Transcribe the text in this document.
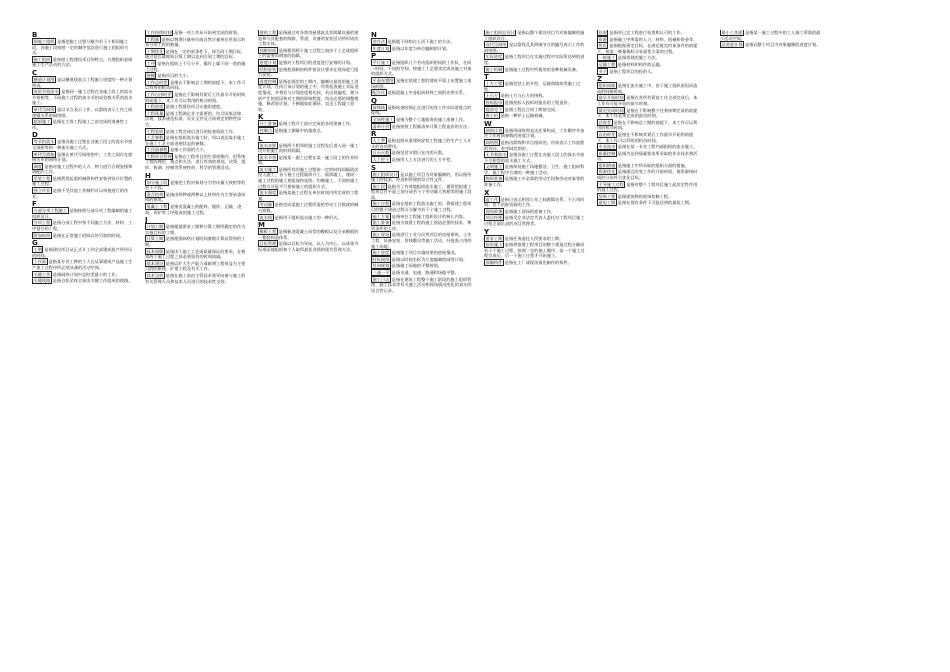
B
倒施工组织 是指把施工过程分解为若干个相同施工段，各施工段按照一定的顺序依次进行施工的组织方式。
施工组织 是按照工程建设项目的特点，合理组织安排施工生产活动的方法。
C
横道计划图 是以横道线表示工程施工进度的一种计划图表。
成倍节拍流水 是指同一施工过程在各施工段上的流水节拍相等，不同施工过程的流水节拍成倍数关系的流水施工。
单代号网络 是以节点表示工作，以箭线表示工作之间逻辑关系的网络图。
超前施工 是指在主体工程施工之前完成的准备性工作。
D
等节拍流水 是指各施工过程在各施工段上的流水节拍全部相等的一种流水施工方式。
单代号搭接 是指在单代号网络图中，工作之间存在搭接关系的网络计划。
调度 是指对施工过程中的人力、物力进行合理安排和调配的工作。
吊装工程 是指利用起重机械将构件安装到设计位置的施工过程。
独立作业 是指不受其他工作制约可以单独进行的作业。
F
分部分项工程施工 是指按照分部分项工程编制的施工组织设计。
分项工程 是指分部工程中按不同施工方法、材料、工序划分的工程。
附加时间 是指在正常施工时间以外另加的时间。
G
工期 是指建设项目从正式开工到全部建成投产所经历的时间。
工作面 是指某专业工种的工人在从事建筑产品施工生产加工过程中所必须具备的活动空间。
关键工作 是指网络计划中总时差最小的工作。
关键线路 是指自始至终全部由关键工作组成的线路。
工作持续时间 是指一项工作从开始到完成的时间。
工程量 是指以物理计量单位或自然计量单位所表示的各分项工程的数量。
工期优化 是指在一定约束条件下，按合同工期目标，通过延长或缩短计算工期以达到合同工期的目标。
工序 是指在组织上不可分开、操作上属于同一类的施工过程。
规模 是指项目的大小。
工作总时差 是指在不影响总工期的前提下，本工作可以利用的机动时间。
工作自由时差 是指在不影响其紧后工作最早开始时间的前提下，本工作可以利用的机动时间。
工程进度 是指工程建设项目实施的速度。
工程质量 是指工程满足业主需要的，符合国家法律、法规、技术规范标准、设计文件及合同规定的特性综合。
工程验收 是指工程完成后进行的检查验收工作。
工艺参数 是指在组织流水施工时，用以表达流水施工在施工工艺方面进展状态的参数。
工作面参数 是指工作面的大小。
工程项目管理 是指在工程项目的生命周期内，用系统工程的理论、观点和方法，进行有效的规划、决策、组织、协调、控制等系统性的、科学的管理活动。
H
划分施工段 是指把工程对象划分为劳动量大致相等的若干个段。
混合结构 是指由两种或两种以上材料作为主要承重结构的建筑。
混凝土工程 是指由混凝土的配料、搅拌、运输、浇筑、养护等工序组成的施工过程。
J
计划工期 是指根据要求工期和计算工期所确定的作为实施目标的工期。
计算工期 是指根据网络计划时间参数计算而得到的工期。
技术间歇 是指由于施工工艺或质量保证的要求，在相邻两个施工过程之间必须留有的时间间隔。
基本建设 是指以扩大生产能力或新增工程效益为主要目的的新建、扩建工程及有关工作。
技术交底 是指在施工前由主管技术领导向参与施工的有关管理人员和技术人员进行的技术性交待。
建筑工程 是指通过对各类房屋建筑及其附属设施的建造和与其配套的线路、管道、设备的安装活动所形成的工程实体。
间歇时间 是指相邻两个施工过程之间由于工艺或组织上的需要而增加的间歇。
进度计划 是指对工程项目的进度进行安排的计划。
结构安装 是指把预制的构件按设计要求在现场进行组合安装。
进度控制 是指在既定的工期内，编制出最优的施工进度计划，在执行该计划的施工中，经常检查施工实际进度情况，并将其与计划进度相比较，若出现偏差，便分析产生的原因和对工期的影响程度，找出必要的调整措施，修改原计划，不断地如此循环，直至工程竣工验收。
K
开工准备 是指工程开工前应完成的各项准备工作。
控制点 是指施工测量中的基准点。
L
流水步距 是指两个相邻的施工过程先后进入同一施工段开始施工的时间间隔。
流水节拍 是指某一施工过程在某一施工段上的作业时间。
流水施工 是指所有的施工过程按一定的时间间隔依次投入施工，各个施工过程陆续开工、陆续竣工，使同一施工过程的施工班组保持连续、均衡施工，不同的施工过程尽可能平行搭接施工的组织方式。
流水强度 是指某施工过程在单位时间内所完成的工程量。
劳动量 是指完成某施工过程所需的劳动工日数或机械台班数。
流水线 是指用于组织流水施工的一种形式。
M
模板工程 是指新浇混凝土成型的模板以及支承模板的一整套构造体系。
目标管理 是指以目标为导向，以人为中心，以成果为标准而使组织和个人取得最佳业绩的现代管理方法。
N
逆作法 是指地下结构自上而下施工的方法。
年度计划 是指以年度为单位编制的计划。
P
平行施工 是指组织几个劳动组织相同的工作队，在同一时间、不同的空间，按施工工艺要求完成各施工对象的组织方式。
平面布置图 是指在拟建工程的建筑平面上布置施工现场的图。
配合比 是指混凝土中各组成材料之间的比例关系。
Q
前锋线 是指检查时刻正在进行的各工作实际进度点的连线。
全场性施工 是指为整个工地服务的施工准备工作。
清单计价 是指按照工程量清单计算工程造价的方法。
R
人工费 是指直接从事建筑安装工程施工的生产工人开支的各项费用。
日历天数 是指包括节假日在内的天数。
人工挖土 是指用人工方法进行的土方开挖。
S
施工组织设计 是以施工项目为对象编制的，用以指导施工的技术、经济和管理的综合性文件。
施工段 是指为了有效地组织流水施工，通常把拟建工程项目在平面上划分成若干个劳动量大致相等的施工段落。
施工过程 是指在组织工程流水施工时，将拟建工程项目的整个建造过程可分解为若干个施工过程。
施工方案 是指单位工程施工组织设计的核心内容。
施工准备 是指为拟建工程的施工创造必要的技术、物资条件的工作。
施工现场 是指进行工业与民用项目的房屋建筑、土木工程、设备安装、管线敷设等施工活动，经批准占用的施工场地。
施工进度 是指施工项目实施结果的进展情况。
时标网络 是指以时间坐标为尺度编制的网络计划。
竖向规划 是指施工场地的平整规划。
三通一平 是指水通、电通、路通和场地平整。
施工日志 是指在建筑工程整个施工阶段的施工组织管理、施工技术等有关施工活动和现场情况变化的真实的综合性记录。
施工组织总设计 是指以整个建设项目为对象编制的施工组织设计。
双代号网络 是以箭线及其两端节点的编号表示工作的网络图。
实际进度 是指工程项目在实施过程中实际所达到的进度。
施工机械 是指施工过程中所使用的各种机械设备。
T
土方工程 是指包括土的开挖、运输和填筑等施工过程。
土石方 是指土方与石方的统称。
投标报价 是指投标人投标时报出的工程造价。
提前完工 是指工程在合同工期前完成。
推土机 是指一种铲土运输机械。
W
网络计划 是指用网络图表达任务构成、工作顺序并加注工作时间参数的进度计划。
网络图 是指由箭线和节点组成的，用来表示工作流程的有向、有序网状图形。
无节奏流水 是指各施工过程在各施工段上的流水节拍不尽相等的流水施工方式。
文明施工 是指保持施工场地整洁、卫生，施工组织科学，施工程序合理的一种施工活动。
物资准备 是指施工中必需的劳动手段和劳动对象等的准备工作。
X
虚工作 是指只表示相邻工作之间逻辑关系，不占用时间，也不消耗资源的工作。
现场准备 是指施工现场的准备工作。
项目经理 是指受企业法定代表人委托对工程项目施工过程全面负责的项目管理者。
Y
要求工期 是指任务委托人所要求的工期。
依次施工 是指将拟建工程项目的整个建造过程分解成若干个施工过程，按照一定的施工顺序，前一个施工过程完成后，后一个施工过程才开始施工。
预制构件 是指在工厂或现场预先制作的构件。
验收 是指对已完工程进行检查和认可的工作。
资源 是指施工中所需的人力、材料、机械和资金等。
优化 是指根据预定目标，在满足既定约束条件的前提下，按某一衡量指标寻求最优方案的过程。
一般施工 是指常规的施工方法。
运输工程 是指材料和构件的运输。
业主 是指工程项目的投资人。
Z
组织间歇 是指在流水施工中，由于施工组织原因而造成的间歇时间。
最早开始时间 是指在其所有紧前工作全部完成后，本工作有可能开始的最早时刻。
最迟完成时间 是指在不影响整个任务按期完成的前提下，本工作必须完成的最迟时刻。
总时差 是指在不影响总工期的前提下，本工作可以利用的机动时间。
自由时差 是指在不影响其紧后工作最早开始的前提下，本工作可以利用的机动时间。
专业流水 是指在某一专业工程内部组织的流水施工。
质量控制 是指为达到质量要求所采取的作业技术和活动。
组织措施 是指施工中所采取的组织方面的措施。
资源优化 是指通过改变工作的开始时间，使资源按时间的分布符合优化目标。
主导施工过程 是指对整个工程项目施工起决定性作用的施工过程。
装饰工程 是指建筑物的装饰装修工程。
最短工期 是指在现有条件下可能达到的最短工期。
最小工作面 是指某一施工过程中的工人施工所需的最小活动空间。
总进度计划 是指以整个项目为对象编制的进度计划。
